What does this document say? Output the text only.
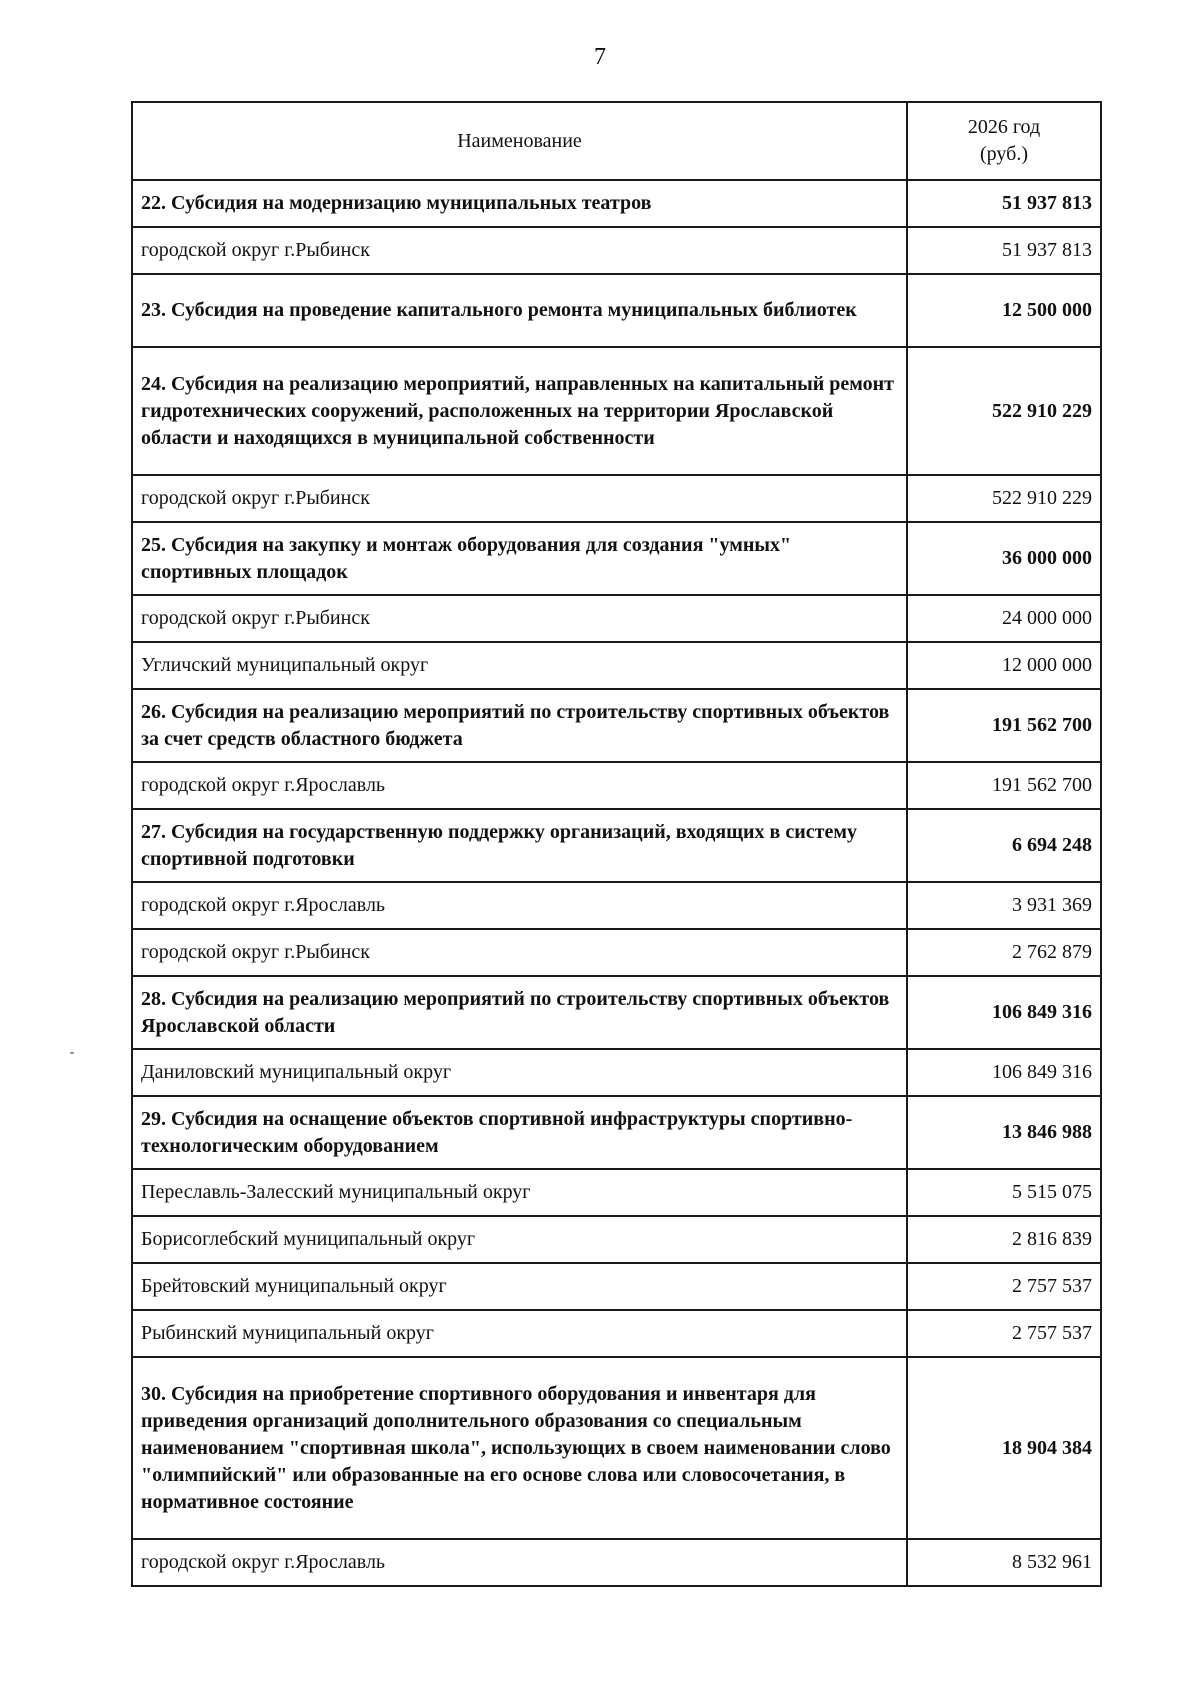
7
Наименование	2026 год
(руб.)

22. Субсидия на модернизацию муниципальных театров	51 937 813
городской округ г.Рыбинск	51 937 813
23. Субсидия на проведение капитального ремонта муниципальных библиотек	12 500 000
24. Субсидия на реализацию мероприятий, направленных на капитальный ремонт гидротехнических сооружений, расположенных на территории Ярославской области и находящихся в муниципальной собственности	522 910 229
городской округ г.Рыбинск	522 910 229
25. Субсидия на закупку и монтаж оборудования для создания "умных" спортивных площадок	36 000 000
городской округ г.Рыбинск	24 000 000
Угличский муниципальный округ	12 000 000
26. Субсидия на реализацию мероприятий по строительству спортивных объектов за счет средств областного бюджета	191 562 700
городской округ г.Ярославль	191 562 700
27. Субсидия на государственную поддержку организаций, входящих в систему спортивной подготовки	6 694 248
городской округ г.Ярославль	3 931 369
городской округ г.Рыбинск	2 762 879
28. Субсидия на реализацию мероприятий по строительству спортивных объектов Ярославской области	106 849 316
Даниловский муниципальный округ	106 849 316
29. Субсидия на оснащение объектов спортивной инфраструктуры спортивно-технологическим оборудованием	13 846 988
Переславль-Залесский муниципальный округ	5 515 075
Борисоглебский муниципальный округ	2 816 839
Брейтовский муниципальный округ	2 757 537
Рыбинский муниципальный округ	2 757 537
30. Субсидия на приобретение спортивного оборудования и инвентаря для приведения организаций дополнительного образования со специальным наименованием "спортивная школа", использующих в своем наименовании слово "олимпийский" или образованные на его основе слова или словосочетания, в нормативное состояние	18 904 384
городской округ г.Ярославль	8 532 961
